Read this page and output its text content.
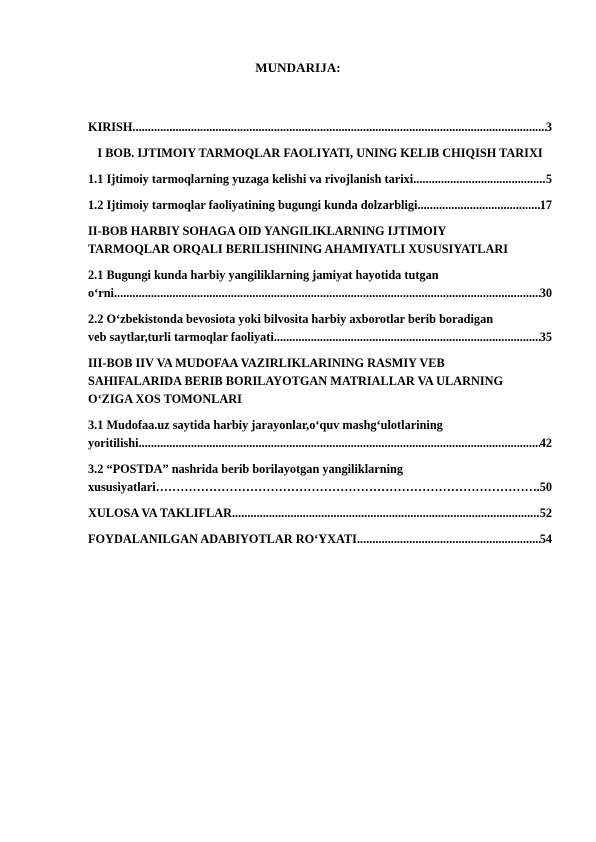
MUNDARIJA:
KIRISH .....	3
I BOB. IJTIMOIY TARMOQLAR FAOLIYATI, UNING KELIB CHIQISH TARIXI
1.1 Ijtimoiy tarmoqlarning yuzaga kelishi va rivojlanish tarixi .....	5
1.2 Ijtimoiy tarmoqlar faoliyatining bugungi kunda dolzarbligi .....	17
II-BOB HARBIY SOHAGA OID YANGILIKLARNING IJTIMOIY TARMOQLAR ORQALI BERILISHINING AHAMIYATLI XUSUSIYATLARI
2.1 Bugungi kunda harbiy yangiliklarning jamiyat hayotida tutgan
o‘rni .....	30
2.2 O‘zbekistonda bevosiota yoki bilvosita harbiy axborotlar berib boradigan
veb saytlar,turli tarmoqlar faoliyati .....	35
III-BOB IIV VA MUDOFAA VAZIRLIKLARINING RASMIY VEB SAHIFALARIDA BERIB BORILAYOTGAN MATRIALLAR VA ULARNING O‘ZIGA XOS TOMONLARI
3.1 Mudofaa.uz saytida harbiy jarayonlar,o‘quv mashg‘ulotlarining
yoritilishi .....	42
3.2 “POSTDA” nashrida berib borilayotgan yangiliklarning
xususiyatlari ……………………………………………………………………………………………………………………………………………………	.50
XULOSA VA TAKLIFLAR .....	52
FOYDALANILGAN ADABIYOTLAR RO‘YXATI .....	54
